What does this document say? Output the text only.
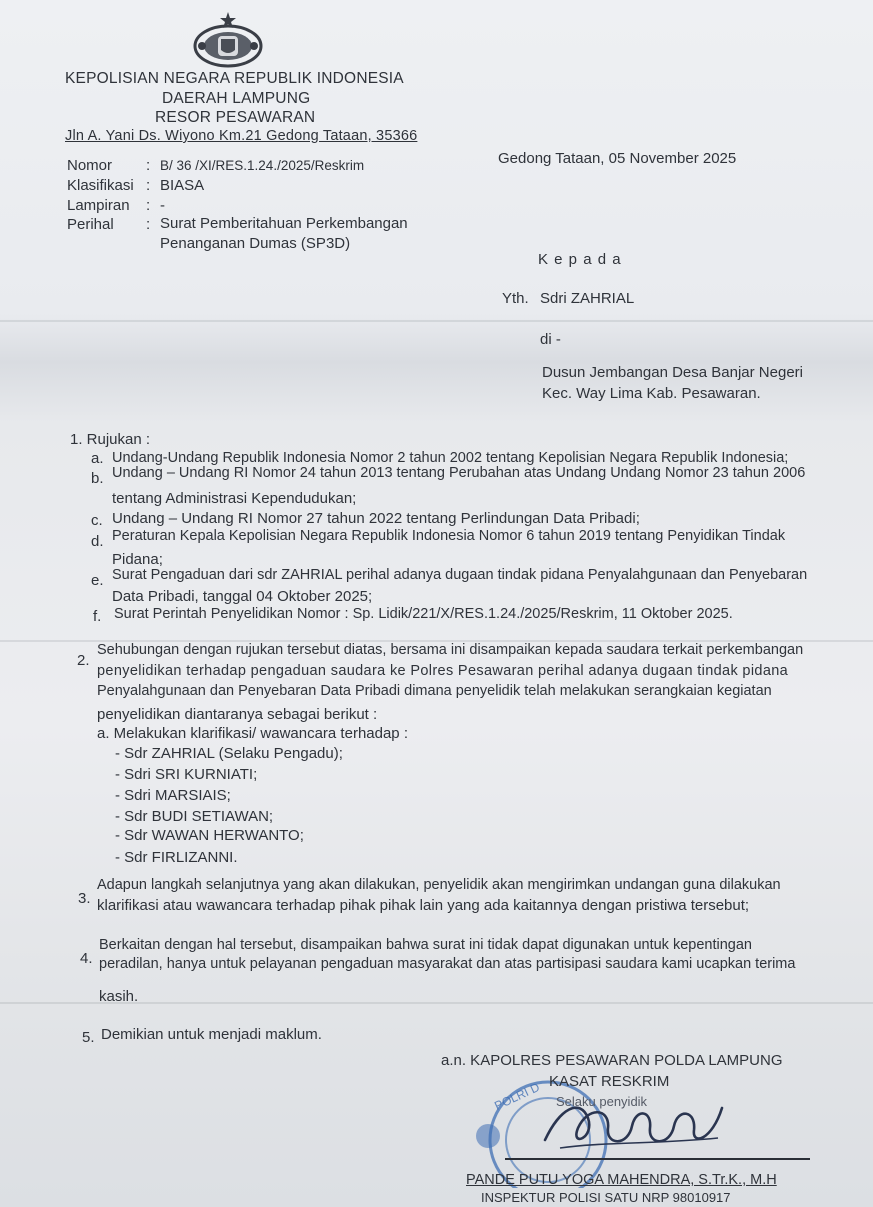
KEPOLISIAN NEGARA REPUBLIK INDONESIA
DAERAH LAMPUNG
RESOR PESAWARAN
Jln A. Yani Ds. Wiyono Km.21 Gedong Tataan, 35366
Nomor : B/ 36 /XI/RES.1.24./2025/Reskrim
Klasifikasi : BIASA
Lampiran : -
Perihal : Surat Pemberitahuan Perkembangan
Penanganan Dumas (SP3D)
Gedong Tataan, 05 November 2025
K e p a d a
Yth. Sdri ZAHRIAL
di -
Dusun Jembangan Desa Banjar Negeri
Kec. Way Lima Kab. Pesawaran.
1. Rujukan :
a. Undang-Undang Republik Indonesia Nomor 2 tahun 2002 tentang Kepolisian Negara Republik Indonesia;
b. Undang – Undang RI Nomor 24 tahun 2013 tentang Perubahan atas Undang Undang Nomor 23 tahun 2006
tentang Administrasi Kependudukan;
c. Undang – Undang RI Nomor 27 tahun 2022 tentang Perlindungan Data Pribadi;
d. Peraturan Kepala Kepolisian Negara Republik Indonesia Nomor 6 tahun 2019 tentang Penyidikan Tindak
Pidana;
e. Surat Pengaduan dari sdr ZAHRIAL perihal adanya dugaan tindak pidana Penyalahgunaan dan Penyebaran
Data Pribadi, tanggal 04 Oktober 2025;
f. Surat Perintah Penyelidikan Nomor : Sp. Lidik/221/X/RES.1.24./2025/Reskrim, 11 Oktober 2025.
2.
Sehubungan dengan rujukan tersebut diatas, bersama ini disampaikan kepada saudara terkait perkembangan
penyelidikan terhadap pengaduan saudara ke Polres Pesawaran perihal adanya dugaan tindak pidana
Penyalahgunaan dan Penyebaran Data Pribadi dimana penyelidik telah melakukan serangkaian kegiatan
penyelidikan diantaranya sebagai berikut :
a. Melakukan klarifikasi/ wawancara terhadap :
- Sdr ZAHRIAL (Selaku Pengadu);
- Sdri SRI KURNIATI;
- Sdri MARSIAIS;
- Sdr BUDI SETIAWAN;
- Sdr WAWAN HERWANTO;
- Sdr FIRLIZANNI.
3.
Adapun langkah selanjutnya yang akan dilakukan, penyelidik akan mengirimkan undangan guna dilakukan
klarifikasi atau wawancara terhadap pihak pihak lain yang ada kaitannya dengan pristiwa tersebut;
4.
Berkaitan dengan hal tersebut, disampaikan bahwa surat ini tidak dapat digunakan untuk kepentingan
peradilan, hanya untuk pelayanan pengaduan masyarakat dan atas partisipasi saudara kami ucapkan terima
kasih.
5. Demikian untuk menjadi maklum.
POLRI D
a.n. KAPOLRES PESAWARAN POLDA LAMPUNG
KASAT RESKRIM
Selaku penyidik
PANDE PUTU YOGA MAHENDRA, S.Tr.K., M.H
INSPEKTUR POLISI SATU NRP 98010917
